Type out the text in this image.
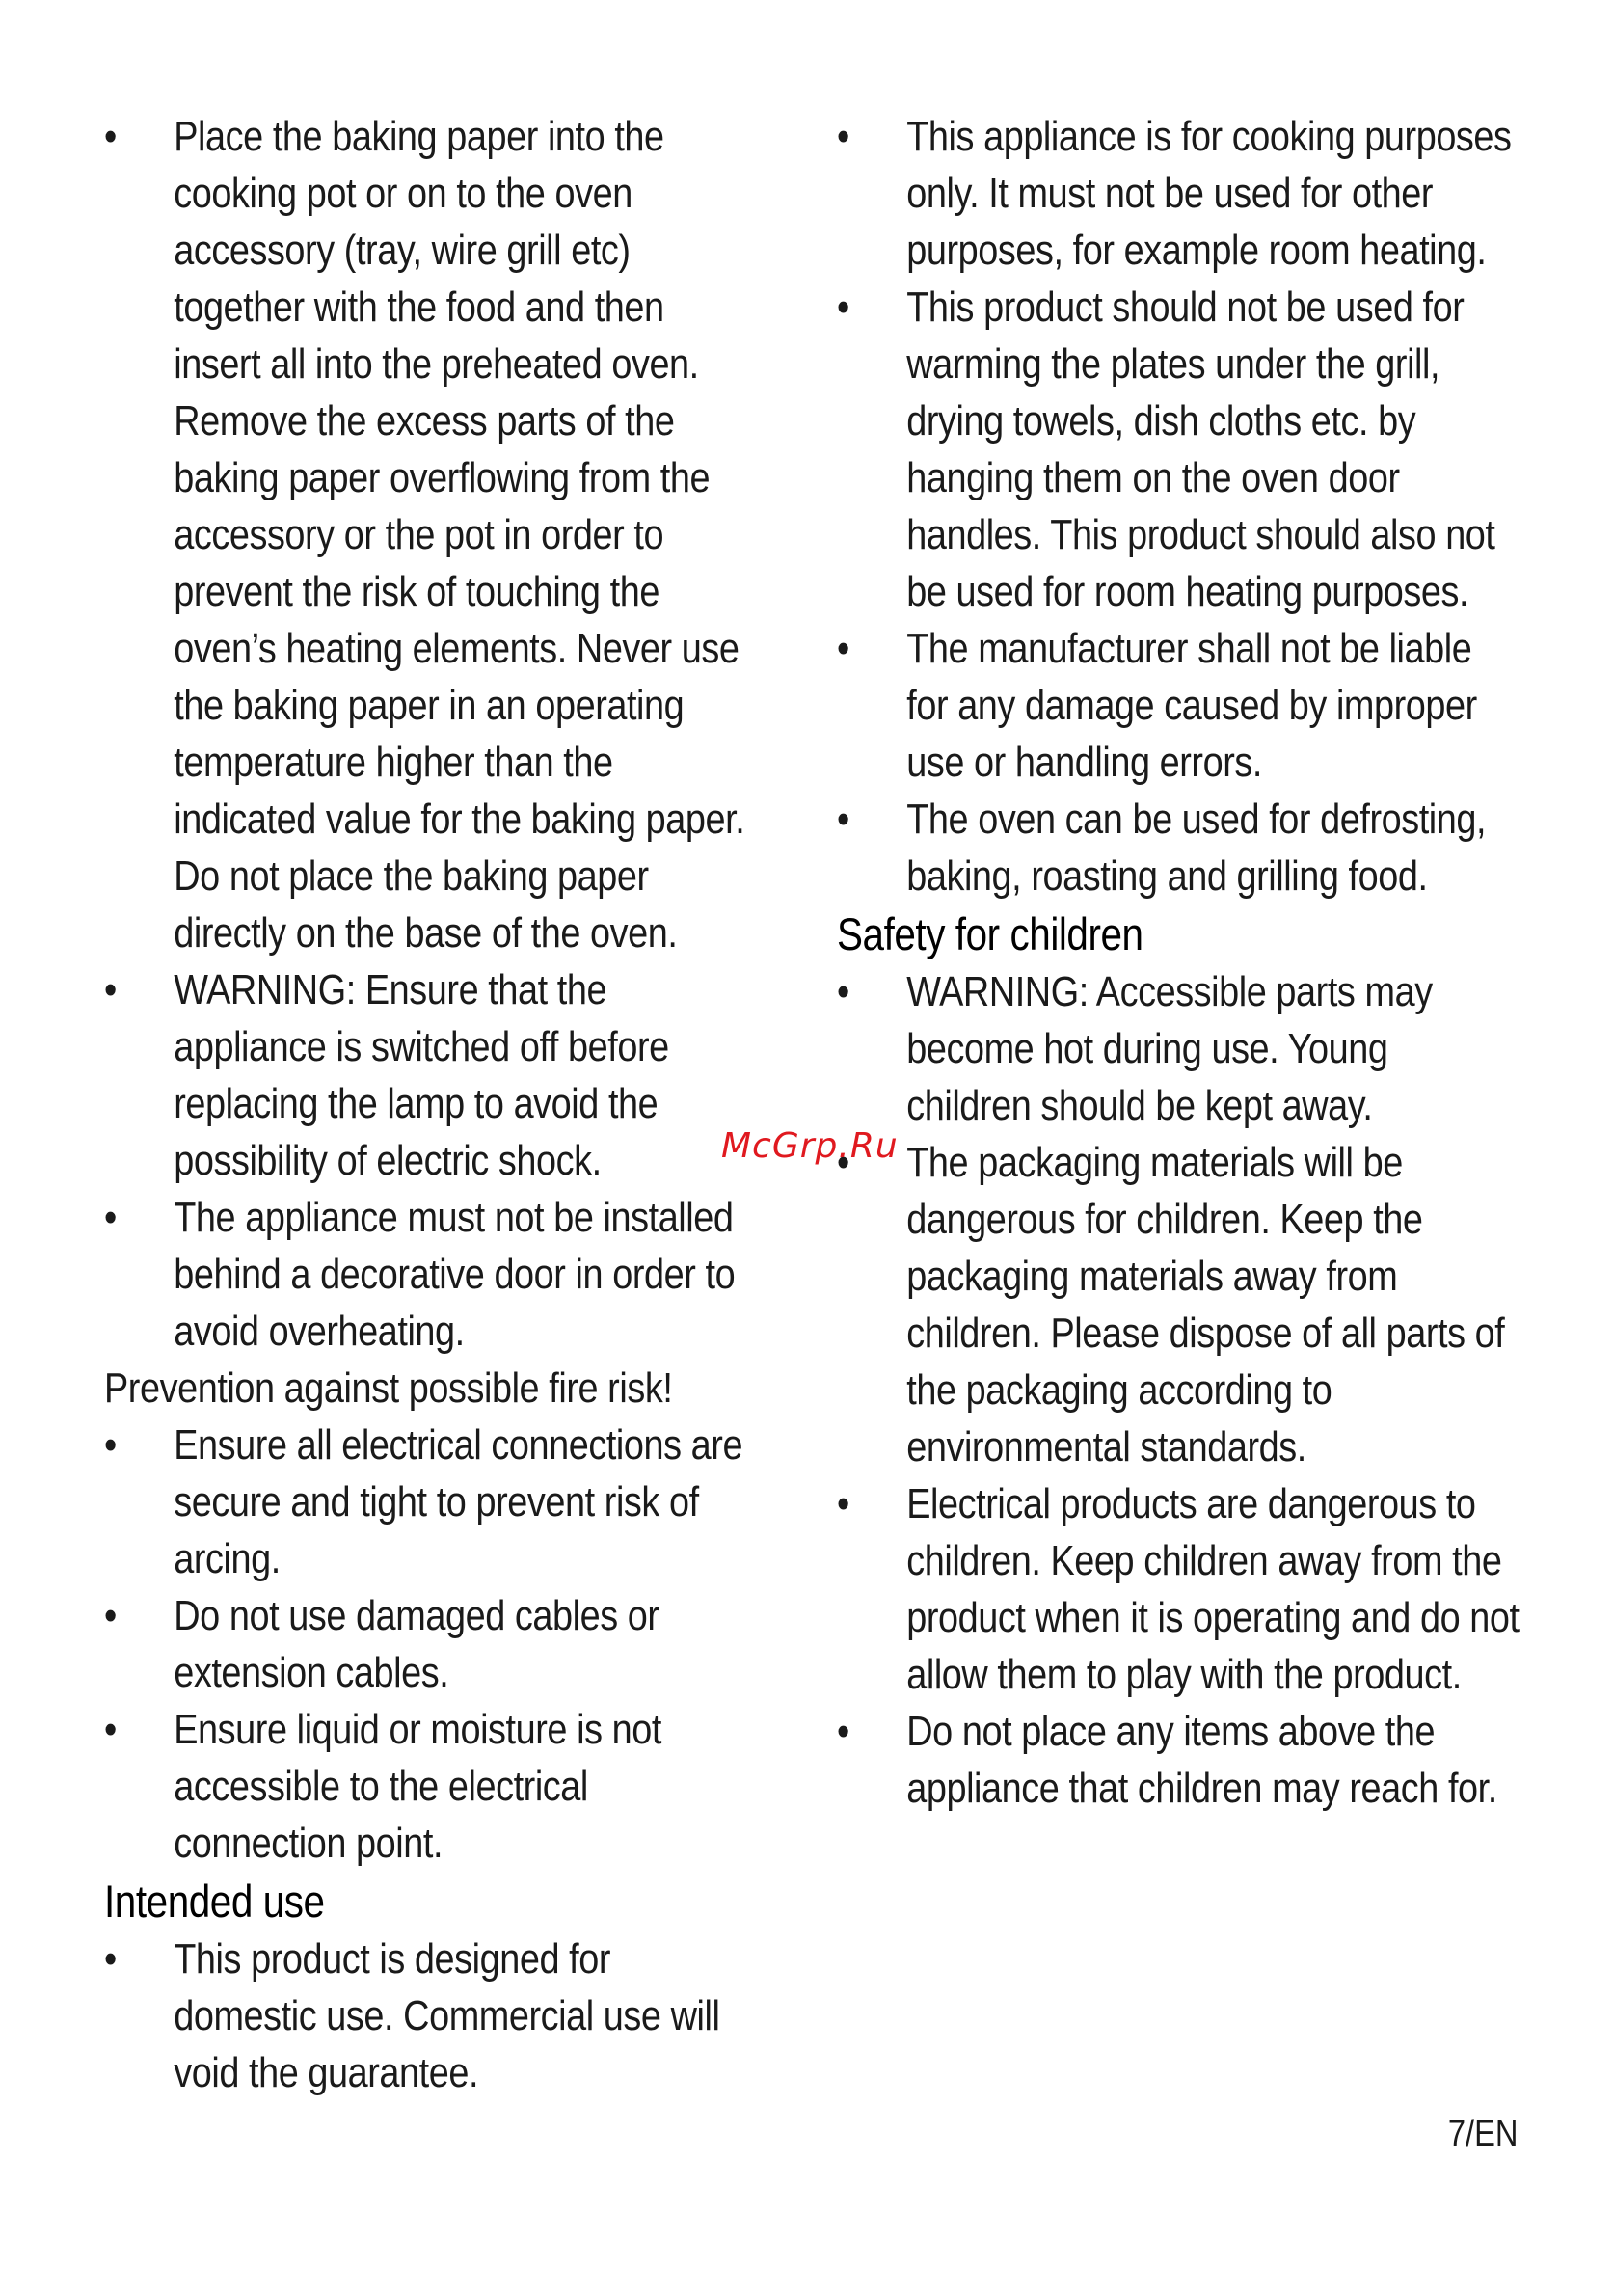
• Place the baking paper into the cooking pot or on to the oven accessory (tray, wire grill etc) together with the food and then insert all into the preheated oven. Remove the excess parts of the baking paper overflowing from the accessory or the pot in order to prevent the risk of touching the oven’s heating elements. Never use the baking paper in an operating temperature higher than the indicated value for the baking paper. Do not place the baking paper directly on the base of the oven.
• WARNING: Ensure that the appliance is switched off before replacing the lamp to avoid the possibility of electric shock.
• The appliance must not be installed behind a decorative door in order to avoid overheating.

Prevention against possible fire risk!

• Ensure all electrical connections are secure and tight to prevent risk of arcing.
• Do not use damaged cables or extension cables.
• Ensure liquid or moisture is not accessible to the electrical connection point.
Intended use
• This product is designed for domestic use. Commercial use will void the guarantee.
• This appliance is for cooking purposes only. It must not be used for other purposes, for example room heating.
• This product should not be used for warming the plates under the grill, drying towels, dish cloths etc. by hanging them on the oven door handles. This product should also not be used for room heating purposes.
• The manufacturer shall not be liable for any damage caused by improper use or handling errors.
• The oven can be used for defrosting, baking, roasting and grilling food.
Safety for children
• WARNING: Accessible parts may become hot during use. Young children should be kept away.
• The packaging materials will be dangerous for children. Keep the packaging materials away from children. Please dispose of all parts of the packaging according to environmental standards.
• Electrical products are dangerous to children. Keep children away from the product when it is operating and do not allow them to play with the product.
• Do not place any items above the appliance that children may reach for.
McGrp.Ru
7/EN
